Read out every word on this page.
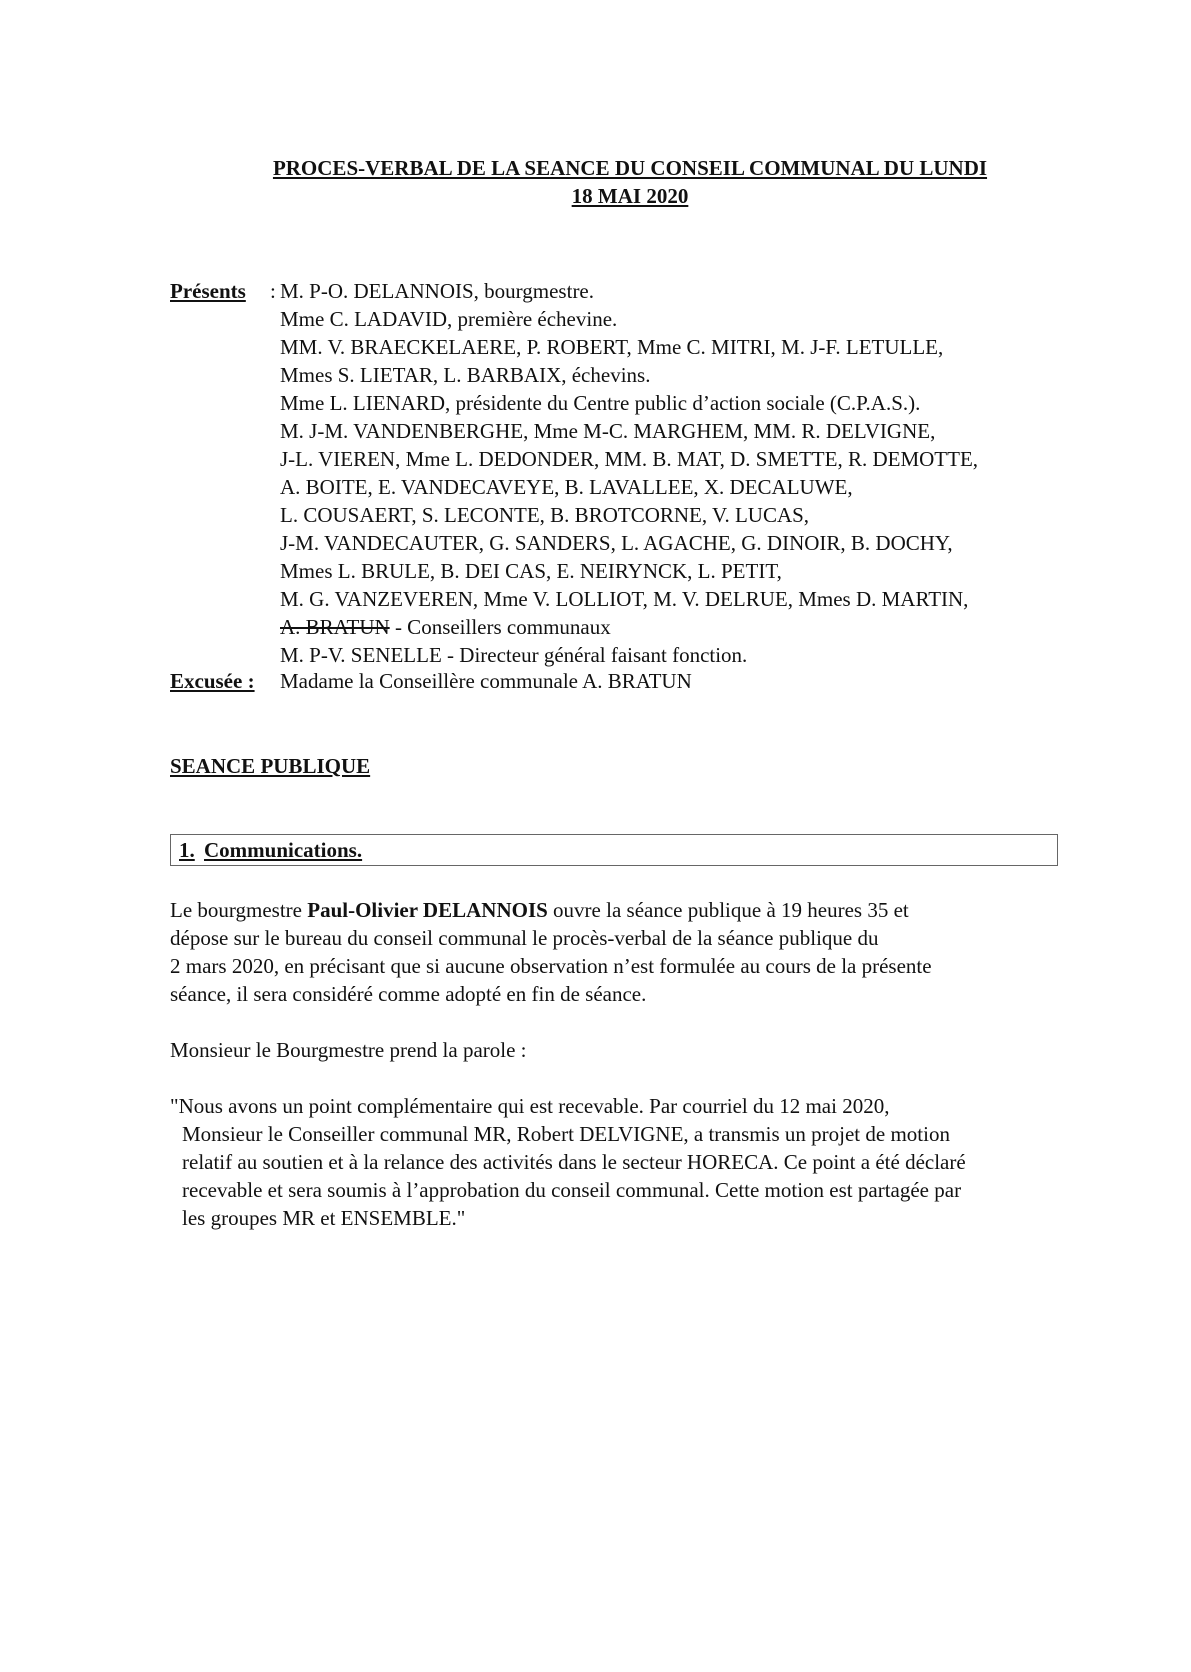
PROCES-VERBAL DE LA SEANCE DU CONSEIL COMMUNAL DU LUNDI
18 MAI 2020
Présents : M. P-O. DELANNOIS, bourgmestre.
Mme C. LADAVID, première échevine.
MM. V. BRAECKELAERE, P. ROBERT, Mme C. MITRI, M. J-F. LETULLE,
Mmes S. LIETAR, L. BARBAIX, échevins.
Mme L. LIENARD, présidente du Centre public d’action sociale (C.P.A.S.).
M. J-M. VANDENBERGHE, Mme M-C. MARGHEM, MM. R. DELVIGNE,
J-L. VIEREN, Mme L. DEDONDER, MM. B. MAT, D. SMETTE, R. DEMOTTE,
A. BOITE, E. VANDECAVEYE, B. LAVALLEE, X. DECALUWE,
L. COUSAERT, S. LECONTE, B. BROTCORNE, V. LUCAS,
J-M. VANDECAUTER, G. SANDERS, L. AGACHE, G. DINOIR, B. DOCHY,
Mmes L. BRULE, B. DEI CAS, E. NEIRYNCK, L. PETIT,
M. G. VANZEVEREN, Mme V. LOLLIOT, M. V. DELRUE, Mmes D. MARTIN,
A. BRATUN - Conseillers communaux
M. P-V. SENELLE - Directeur général faisant fonction.
Excusée : Madame la Conseillère communale A. BRATUN
SEANCE PUBLIQUE
1. Communications.

Le bourgmestre Paul-Olivier DELANNOIS ouvre la séance publique à 19 heures 35 et
dépose sur le bureau du conseil communal le procès-verbal de la séance publique du
2 mars 2020, en précisant que si aucune observation n’est formulée au cours de la présente
séance, il sera considéré comme adopté en fin de séance.

Monsieur le Bourgmestre prend la parole :

"Nous avons un point complémentaire qui est recevable. Par courriel du 12 mai 2020,
Monsieur le Conseiller communal MR, Robert DELVIGNE, a transmis un projet de motion
relatif au soutien et à la relance des activités dans le secteur HORECA. Ce point a été déclaré
recevable et sera soumis à l’approbation du conseil communal. Cette motion est partagée par
les groupes MR et ENSEMBLE."
